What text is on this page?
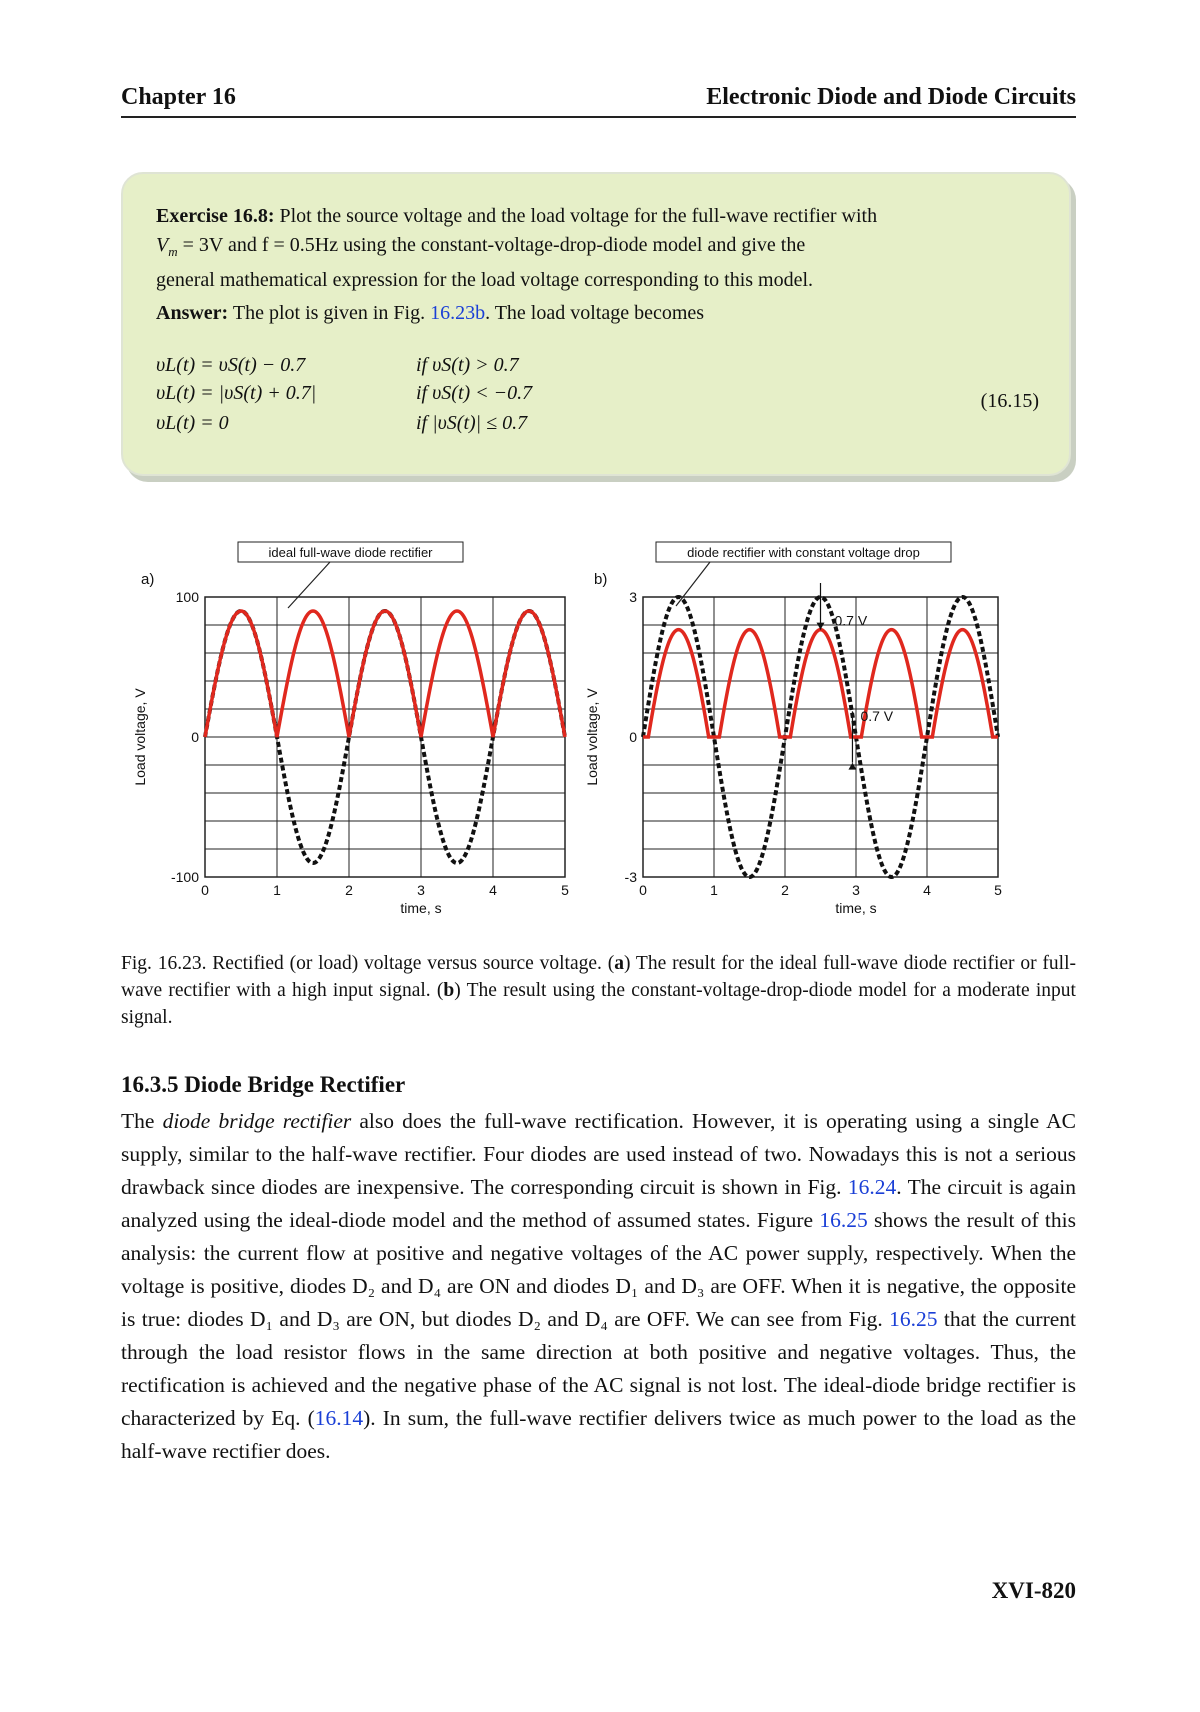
Chapter 16	Electronic Diode and Diode Circuits
Exercise 16.8: Plot the source voltage and the load voltage for the full-wave rectifier with
$V_m = 3V$ and f = 0.5Hz using the constant-voltage-drop-diode model and give the
general mathematical expression for the load voltage corresponding to this model.
Answer: The plot is given in Fig. 16.23b. The load voltage becomes
υL(t) = υS(t) − 0.7	if υS(t) > 0.7
υL(t) = |υS(t) + 0.7|	if υS(t) < −0.7
υL(t) = 0	if |υS(t)| ≤ 0.7
(16.15)
0	1	2	3	4	5
-100
0
100
time, s
Load voltage, V
a)
ideal full-wave diode rectifier
0	1	2	3	4	5
-3
0
3
time, s
Load voltage, V
b)
diode rectifier with constant voltage drop
0.7 V
0.7 V
Fig. 16.23. Rectified (or load) voltage versus source voltage. (a) The result for the ideal full-wave diode rectifier or full-wave rectifier with a high input signal. (b) The result using the constant-voltage-drop-diode model for a moderate input signal.
16.3.5 Diode Bridge Rectifier

The diode bridge rectifier also does the full-wave rectification. However, it is operating using a single AC supply, similar to the half-wave rectifier. Four diodes are used instead of two. Nowadays this is not a serious drawback since diodes are inexpensive. The corresponding circuit is shown in Fig. 16.24. The circuit is again analyzed using the ideal-diode model and the method of assumed states. Figure 16.25 shows the result of this analysis: the current flow at positive and negative voltages of the AC power supply, respectively. When the voltage is positive, diodes D₂ and D₄ are ON and diodes D₁ and D₃ are OFF. When it is negative, the opposite is true: diodes D₁ and D₃ are ON, but diodes D₂ and D₄ are OFF. We can see from Fig. 16.25 that the current through the load resistor flows in the same direction at both positive and negative voltages. Thus, the rectification is achieved and the negative phase of the AC signal is not lost. The ideal-diode bridge rectifier is characterized by Eq. (16.14). In sum, the full-wave rectifier delivers twice as much power to the load as the half-wave rectifier does.

XVI-820
